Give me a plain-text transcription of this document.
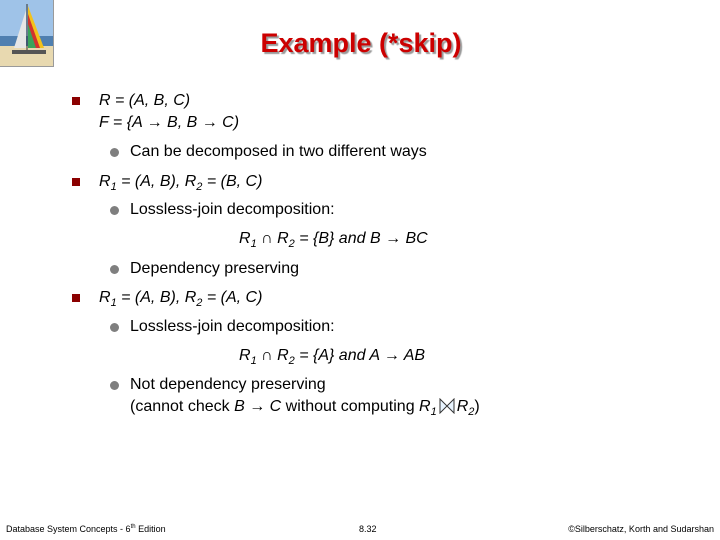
Example (*skip)
R = (A, B, C)
F = {A → B, B → C)
Can be decomposed in two different ways
$R_1 = (A$, B), $R_2 = (B$, C)
Lossless-join decomposition:
$R_1$ ∩ $R_2 = \{B\}$ and B → BC
Dependency preserving
$R_1 = (A$, B), $R_2 = (A$, C)
Lossless-join decomposition:
$R_1$ ∩ $R_2 = \{A\}$ and A → AB
Not dependency preserving
(cannot check B → C without computing $R_1$ $R_2$)
Database System Concepts - 6th Edition	8.32	©Silberschatz, Korth and Sudarshan
